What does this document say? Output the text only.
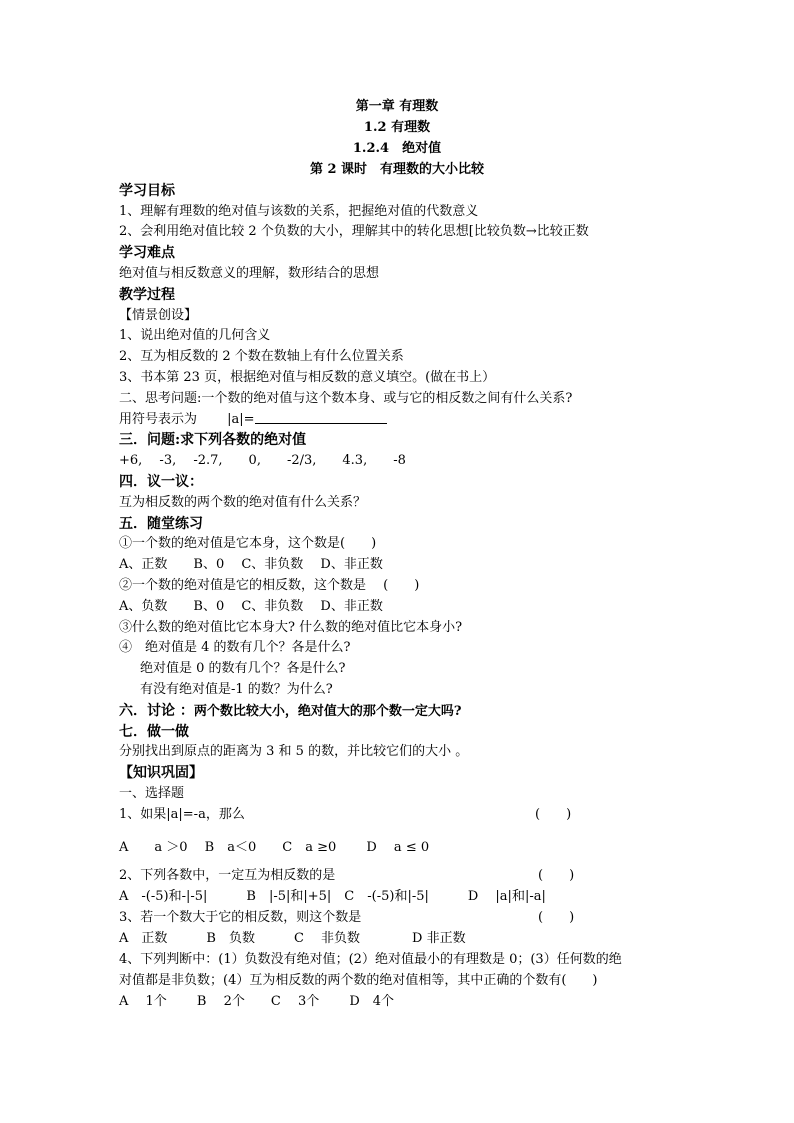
第一章 有理数
1.2 有理数
1.2.4　绝对值
第 2 课时　有理数的大小比较
学习目标
1、理解有理数的绝对值与该数的关系，把握绝对值的代数意义
2、会利用绝对值比较 2 个负数的大小，理解其中的转化思想[比较负数→比较正数
学习难点
绝对值与相反数意义的理解，数形结合的思想
教学过程
【情景创设】
1、说出绝对值的几何含义
2、互为相反数的 2 个数在数轴上有什么位置关系
3、书本第 23 页，根据绝对值与相反数的意义填空。(做在书上）
二、思考问题:一个数的绝对值与这个数本身、或与它的相反数之间有什么关系?
用符号表示为　　 |a|=
三．问题:求下列各数的绝对值
+6,　 -3,　 -2.7,　　0,　　-2/3,　　4.3,　　-8
四．议一议：
互为相反数的两个数的绝对值有什么关系？
五．随堂练习
①一个数的绝对值是它本身，这个数是(　　)
A、正数　　B、0　 C、非负数　 D、非正数
②一个数的绝对值是它的相反数，这个数是　 (　　)
A、负数　　B、0　 C、非负数　 D、非正数
③什么数的绝对值比它本身大? 什么数的绝对值比它本身小?
④　绝对值是 4 的数有几个？各是什么?
绝对值是 0 的数有几个？各是什么?
有没有绝对值是-1 的数？为什么?
六．讨论 ：两个数比较大小，绝对值大的那个数一定大吗?
七．做一做
分别找出到原点的距离为 3 和 5 的数，并比较它们的大小 。
【知识巩固】
一、选择题
1、如果|a|=-a，那么	(　　)
A　　a ＞0　 B　a＜0　　C　a ≥0　　 D　 a ≤ 0
2、下列各数中，一定互为相反数的是	(　　)
A　-(-5)和-|-5|　　　B　|-5|和|+5|　C　-(-5)和|-5|　　　D　 |a|和|-a|
3、若一个数大于它的相反数，则这个数是	(　　)
A　正数　　　B　负数　　　C　 非负数　　　　D 非正数
4、下列判断中：(1）负数没有绝对值；(2）绝对值最小的有理数是 0；(3）任何数的绝
对值都是非负数；(4）互为相反数的两个数的绝对值相等，其中正确的个数有(　　)
A　 1个　　 B　 2个　　C　 3个　　 D　4个
